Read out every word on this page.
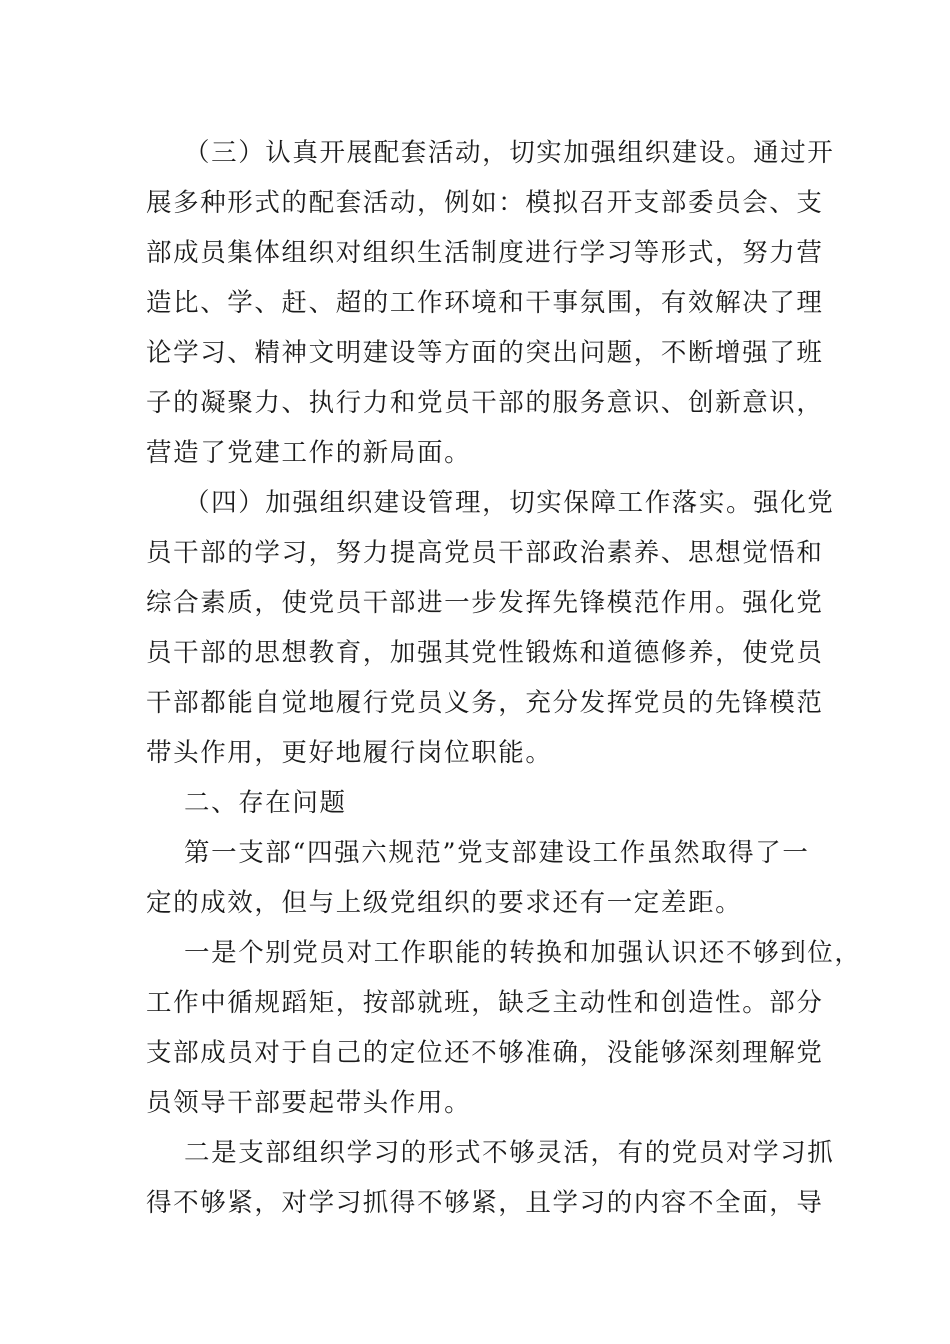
（三）认真开展配套活动，切实加强组织建设。通过开
展多种形式的配套活动，例如：模拟召开支部委员会、支
部成员集体组织对组织生活制度进行学习等形式，努力营
造比、学、赶、超的工作环境和干事氛围，有效解决了理
论学习、精神文明建设等方面的突出问题，不断增强了班
子的凝聚力、执行力和党员干部的服务意识、创新意识，
营造了党建工作的新局面。
（四）加强组织建设管理，切实保障工作落实。强化党
员干部的学习，努力提高党员干部政治素养、思想觉悟和
综合素质，使党员干部进一步发挥先锋模范作用。强化党
员干部的思想教育，加强其党性锻炼和道德修养，使党员
干部都能自觉地履行党员义务，充分发挥党员的先锋模范
带头作用，更好地履行岗位职能。
二、存在问题
第一支部“四强六规范”党支部建设工作虽然取得了一
定的成效，但与上级党组织的要求还有一定差距。
一是个别党员对工作职能的转换和加强认识还不够到位，
工作中循规蹈矩，按部就班，缺乏主动性和创造性。部分
支部成员对于自己的定位还不够准确，没能够深刻理解党
员领导干部要起带头作用。
二是支部组织学习的形式不够灵活，有的党员对学习抓
得不够紧，对学习抓得不够紧，且学习的内容不全面，导
